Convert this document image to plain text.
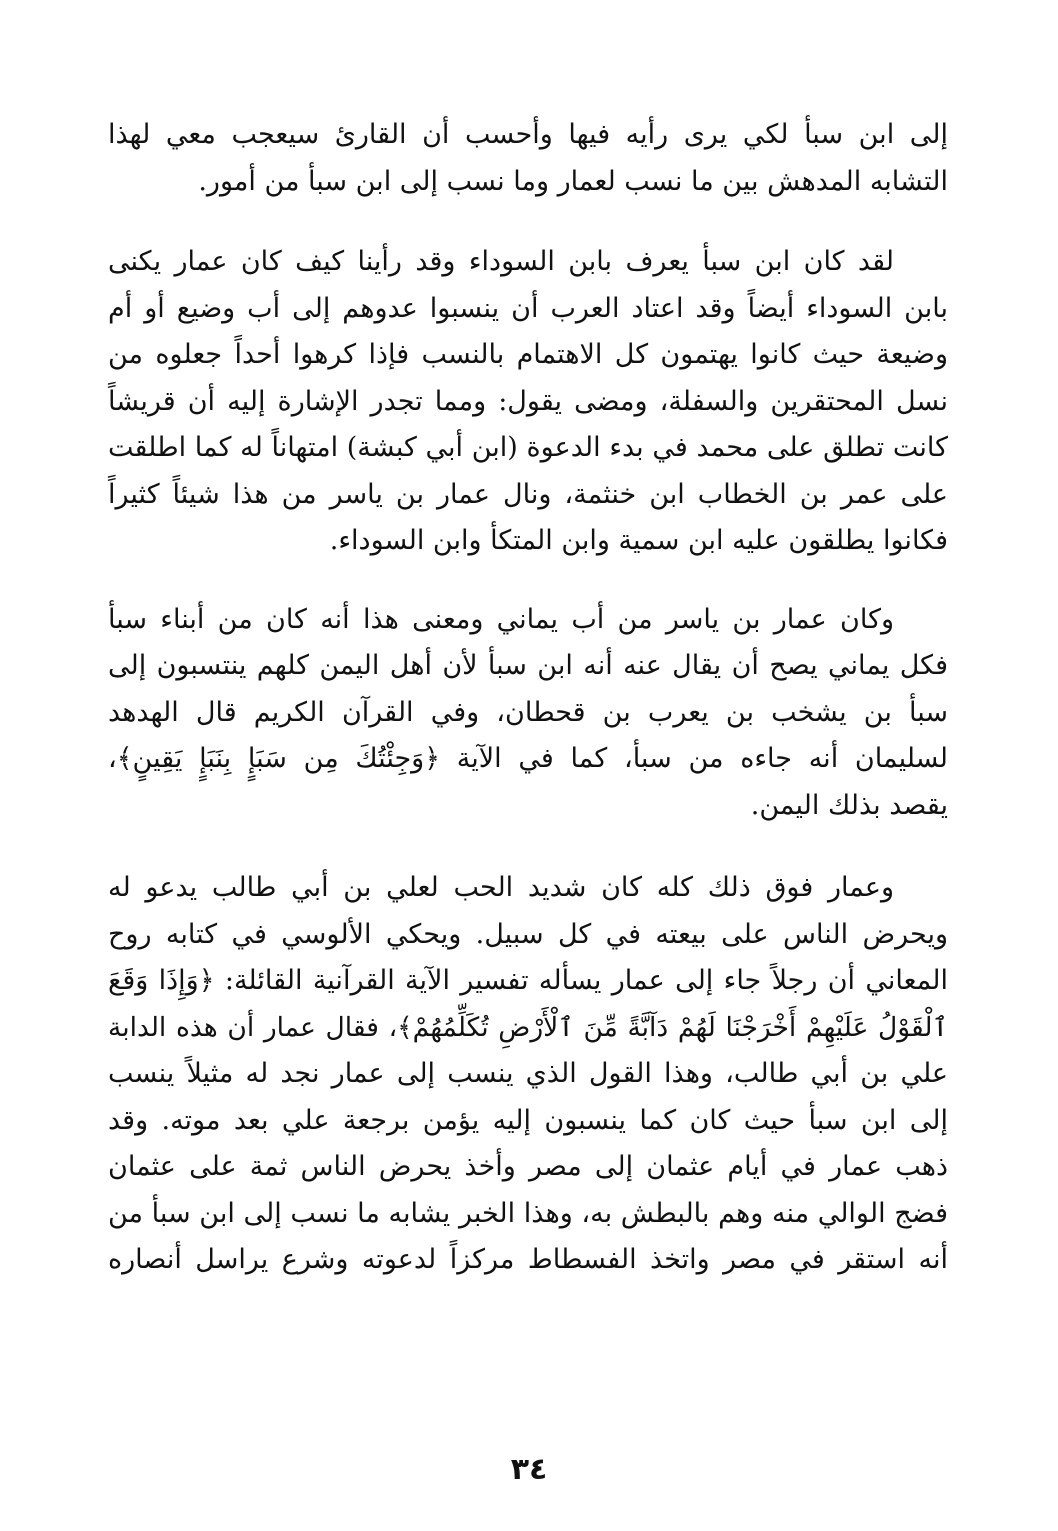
إلى ابن سبأ لكي يرى رأيه فيها وأحسب أن القارئ سيعجب معي لهذا
التشابه المدهش بين ما نسب لعمار وما نسب إلى ابن سبأ من أمور.
لقد كان ابن سبأ يعرف بابن السوداء وقد رأينا كيف كان عمار يكنى
بابن السوداء أيضاً وقد اعتاد العرب أن ينسبوا عدوهم إلى أب وضيع أو أم
وضيعة حيث كانوا يهتمون كل الاهتمام بالنسب فإذا كرهوا أحداً جعلوه من
نسل المحتقرين والسفلة، ومضى يقول: ومما تجدر الإشارة إليه أن قريشاً
كانت تطلق على محمد في بدء الدعوة (ابن أبي كبشة) امتهاناً له كما اطلقت
على عمر بن الخطاب ابن خنثمة، ونال عمار بن ياسر من هذا شيئاً كثيراً
فكانوا يطلقون عليه ابن سمية وابن المتكأ وابن السوداء.
وكان عمار بن ياسر من أب يماني ومعنى هذا أنه كان من أبناء سبأ
فكل يماني يصح أن يقال عنه أنه ابن سبأ لأن أهل اليمن كلهم ينتسبون إلى
سبأ بن يشخب بن يعرب بن قحطان، وفي القرآن الكريم قال الهدهد
لسليمان أنه جاءه من سبأ، كما في الآية ﴿وَجِئْتُكَ مِن سَبَإٍ بِنَبَإٍ يَقِينٍ﴾،
يقصد بذلك اليمن.
وعمار فوق ذلك كله كان شديد الحب لعلي بن أبي طالب يدعو له
ويحرض الناس على بيعته في كل سبيل. ويحكي الألوسي في كتابه روح
المعاني أن رجلاً جاء إلى عمار يسأله تفسير الآية القرآنية القائلة: ﴿وَإِذَا وَقَعَ
ٱلْقَوْلُ عَلَيْهِمْ أَخْرَجْنَا لَهُمْ دَآبَّةً مِّنَ ٱلْأَرْضِ تُكَلِّمُهُمْ﴾، فقال عمار أن هذه الدابة
علي بن أبي طالب، وهذا القول الذي ينسب إلى عمار نجد له مثيلاً ينسب
إلى ابن سبأ حيث كان كما ينسبون إليه يؤمن برجعة علي بعد موته. وقد
ذهب عمار في أيام عثمان إلى مصر وأخذ يحرض الناس ثمة على عثمان
فضج الوالي منه وهم بالبطش به، وهذا الخبر يشابه ما نسب إلى ابن سبأ من
أنه استقر في مصر واتخذ الفسطاط مركزاً لدعوته وشرع يراسل أنصاره
٣٤
